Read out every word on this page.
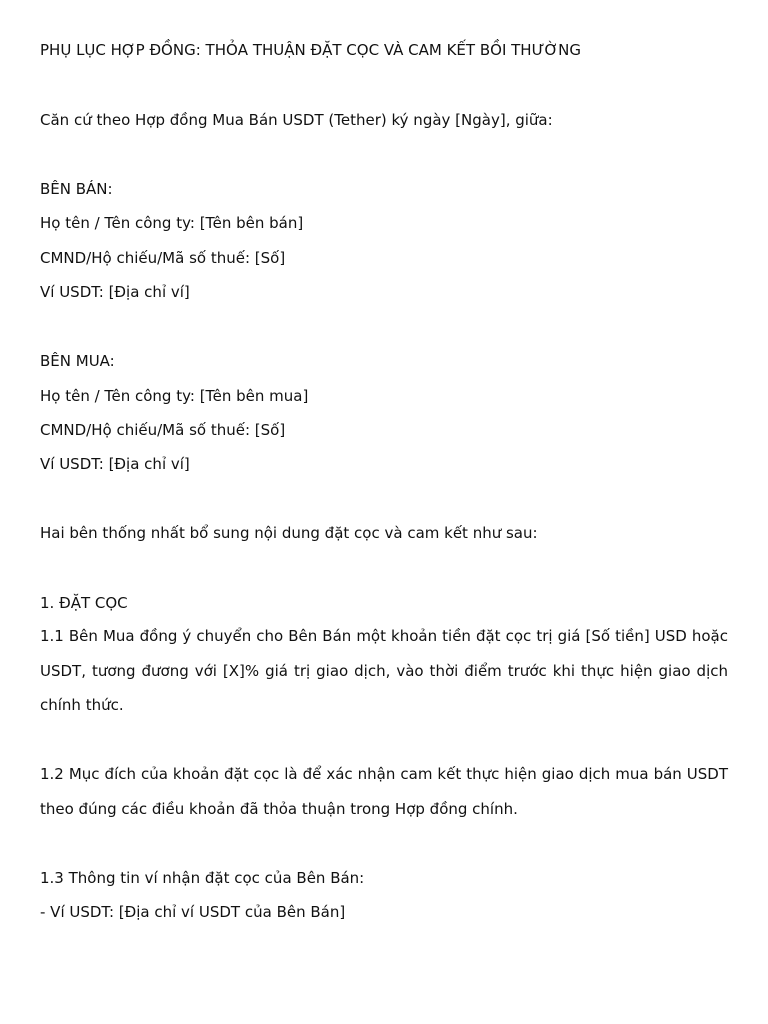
PHỤ LỤC HỢP ĐỒNG: THỎA THUẬN ĐẶT CỌC VÀ CAM KẾT BỒI THƯỜNG
Căn cứ theo Hợp đồng Mua Bán USDT (Tether) ký ngày [Ngày], giữa:
BÊN BÁN:
Họ tên / Tên công ty: [Tên bên bán]
CMND/Hộ chiếu/Mã số thuế: [Số]
Ví USDT: [Địa chỉ ví]
BÊN MUA:
Họ tên / Tên công ty: [Tên bên mua]
CMND/Hộ chiếu/Mã số thuế: [Số]
Ví USDT: [Địa chỉ ví]
Hai bên thống nhất bổ sung nội dung đặt cọc và cam kết như sau:
1. ĐẶT CỌC
1.1 Bên Mua đồng ý chuyển cho Bên Bán một khoản tiền đặt cọc trị giá [Số tiền] USD hoặc USDT, tương đương với [X]% giá trị giao dịch, vào thời điểm trước khi thực hiện giao dịch chính thức.
1.2 Mục đích của khoản đặt cọc là để xác nhận cam kết thực hiện giao dịch mua bán USDT theo đúng các điều khoản đã thỏa thuận trong Hợp đồng chính.
1.3 Thông tin ví nhận đặt cọc của Bên Bán:
- Ví USDT: [Địa chỉ ví USDT của Bên Bán]
